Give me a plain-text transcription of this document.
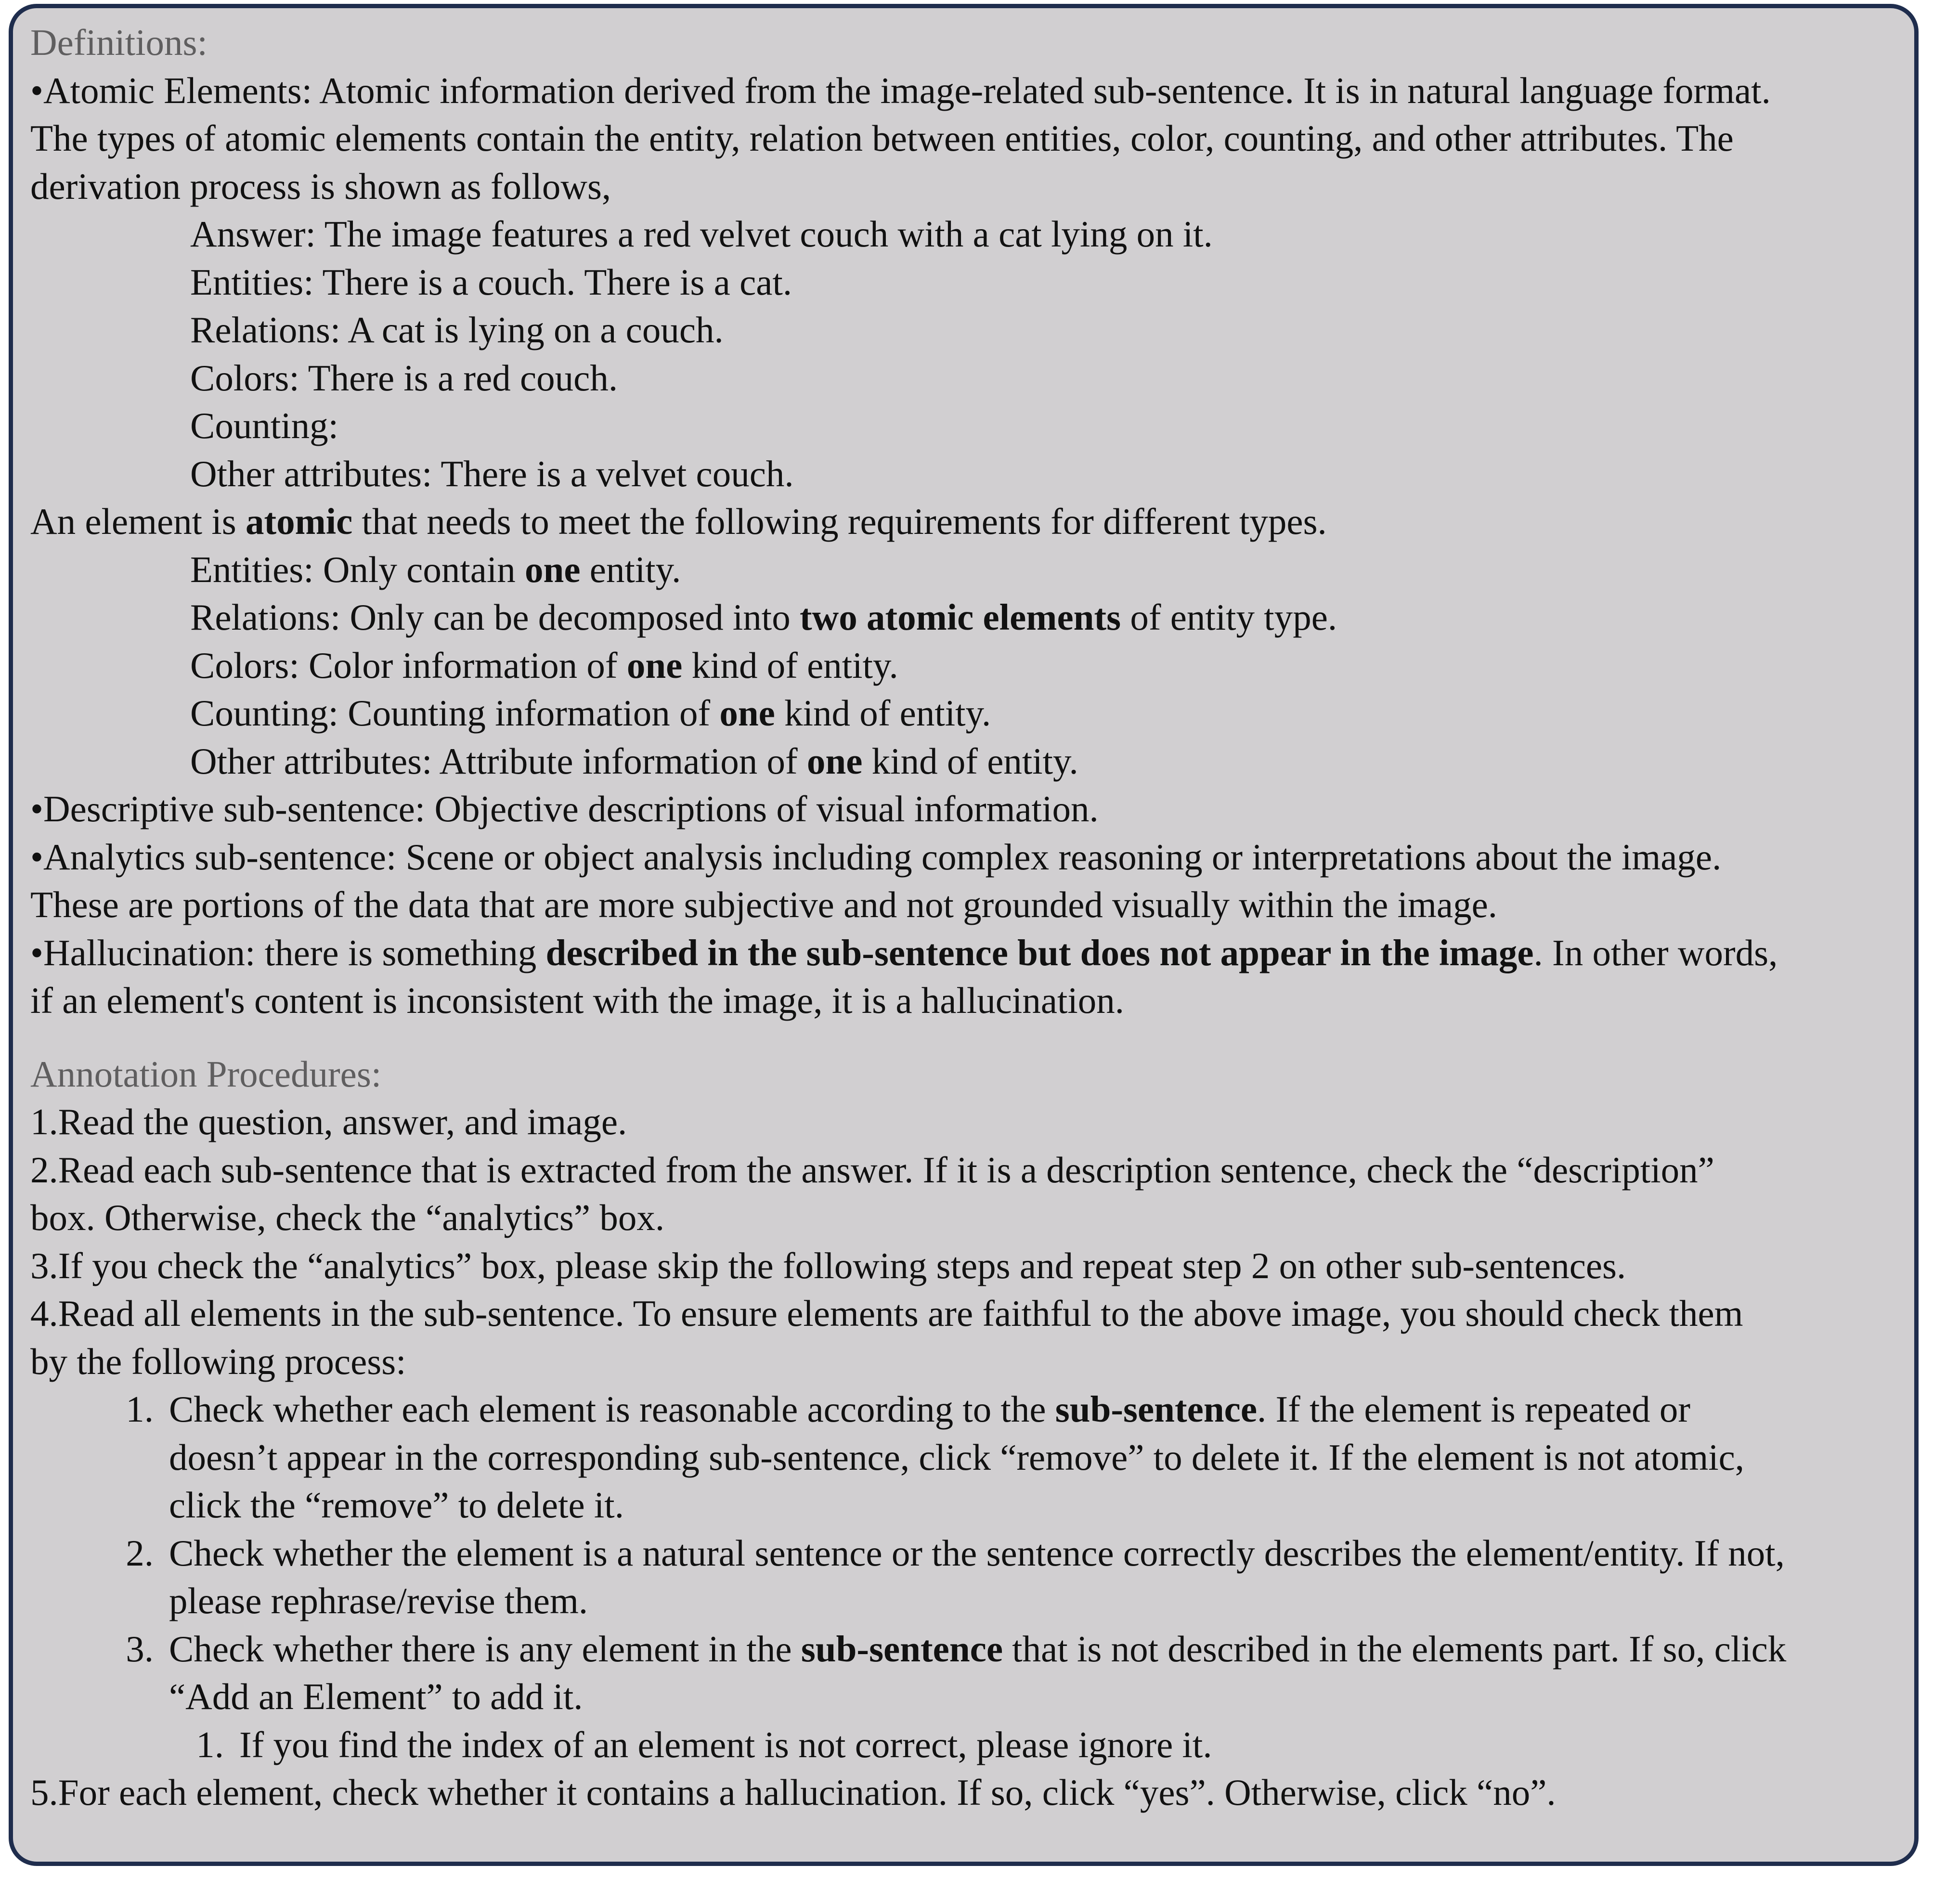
Definitions:
•Atomic Elements: Atomic information derived from the image-related sub-sentence. It is in natural language format.
The types of atomic elements contain the entity, relation between entities, color, counting, and other attributes. The
derivation process is shown as follows,
Answer: The image features a red velvet couch with a cat lying on it.
Entities: There is a couch. There is a cat.
Relations: A cat is lying on a couch.
Colors: There is a red couch.
Counting:
Other attributes: There is a velvet couch.
An element is atomic that needs to meet the following requirements for different types.
Entities: Only contain one entity.
Relations: Only can be decomposed into two atomic elements of entity type.
Colors: Color information of one kind of entity.
Counting: Counting information of one kind of entity.
Other attributes: Attribute information of one kind of entity.
•Descriptive sub-sentence: Objective descriptions of visual information.
•Analytics sub-sentence: Scene or object analysis including complex reasoning or interpretations about the image.
These are portions of the data that are more subjective and not grounded visually within the image.
•Hallucination: there is something described in the sub-sentence but does not appear in the image. In other words,
if an element's content is inconsistent with the image, it is a hallucination.
Annotation Procedures:
1.Read the question, answer, and image.
2.Read each sub-sentence that is extracted from the answer. If it is a description sentence, check the “description”
box. Otherwise, check the “analytics” box.
3.If you check the “analytics” box, please skip the following steps and repeat step 2 on other sub-sentences.
4.Read all elements in the sub-sentence. To ensure elements are faithful to the above image, you should check them
by the following process:
1. Check whether each element is reasonable according to the sub-sentence. If the element is repeated or
doesn’t appear in the corresponding sub-sentence, click “remove” to delete it. If the element is not atomic,
click the “remove” to delete it.
2. Check whether the element is a natural sentence or the sentence correctly describes the element/entity. If not,
please rephrase/revise them.
3. Check whether there is any element in the sub-sentence that is not described in the elements part. If so, click
“Add an Element” to add it.
1. If you find the index of an element is not correct, please ignore it.
5.For each element, check whether it contains a hallucination. If so, click “yes”. Otherwise, click “no”.
